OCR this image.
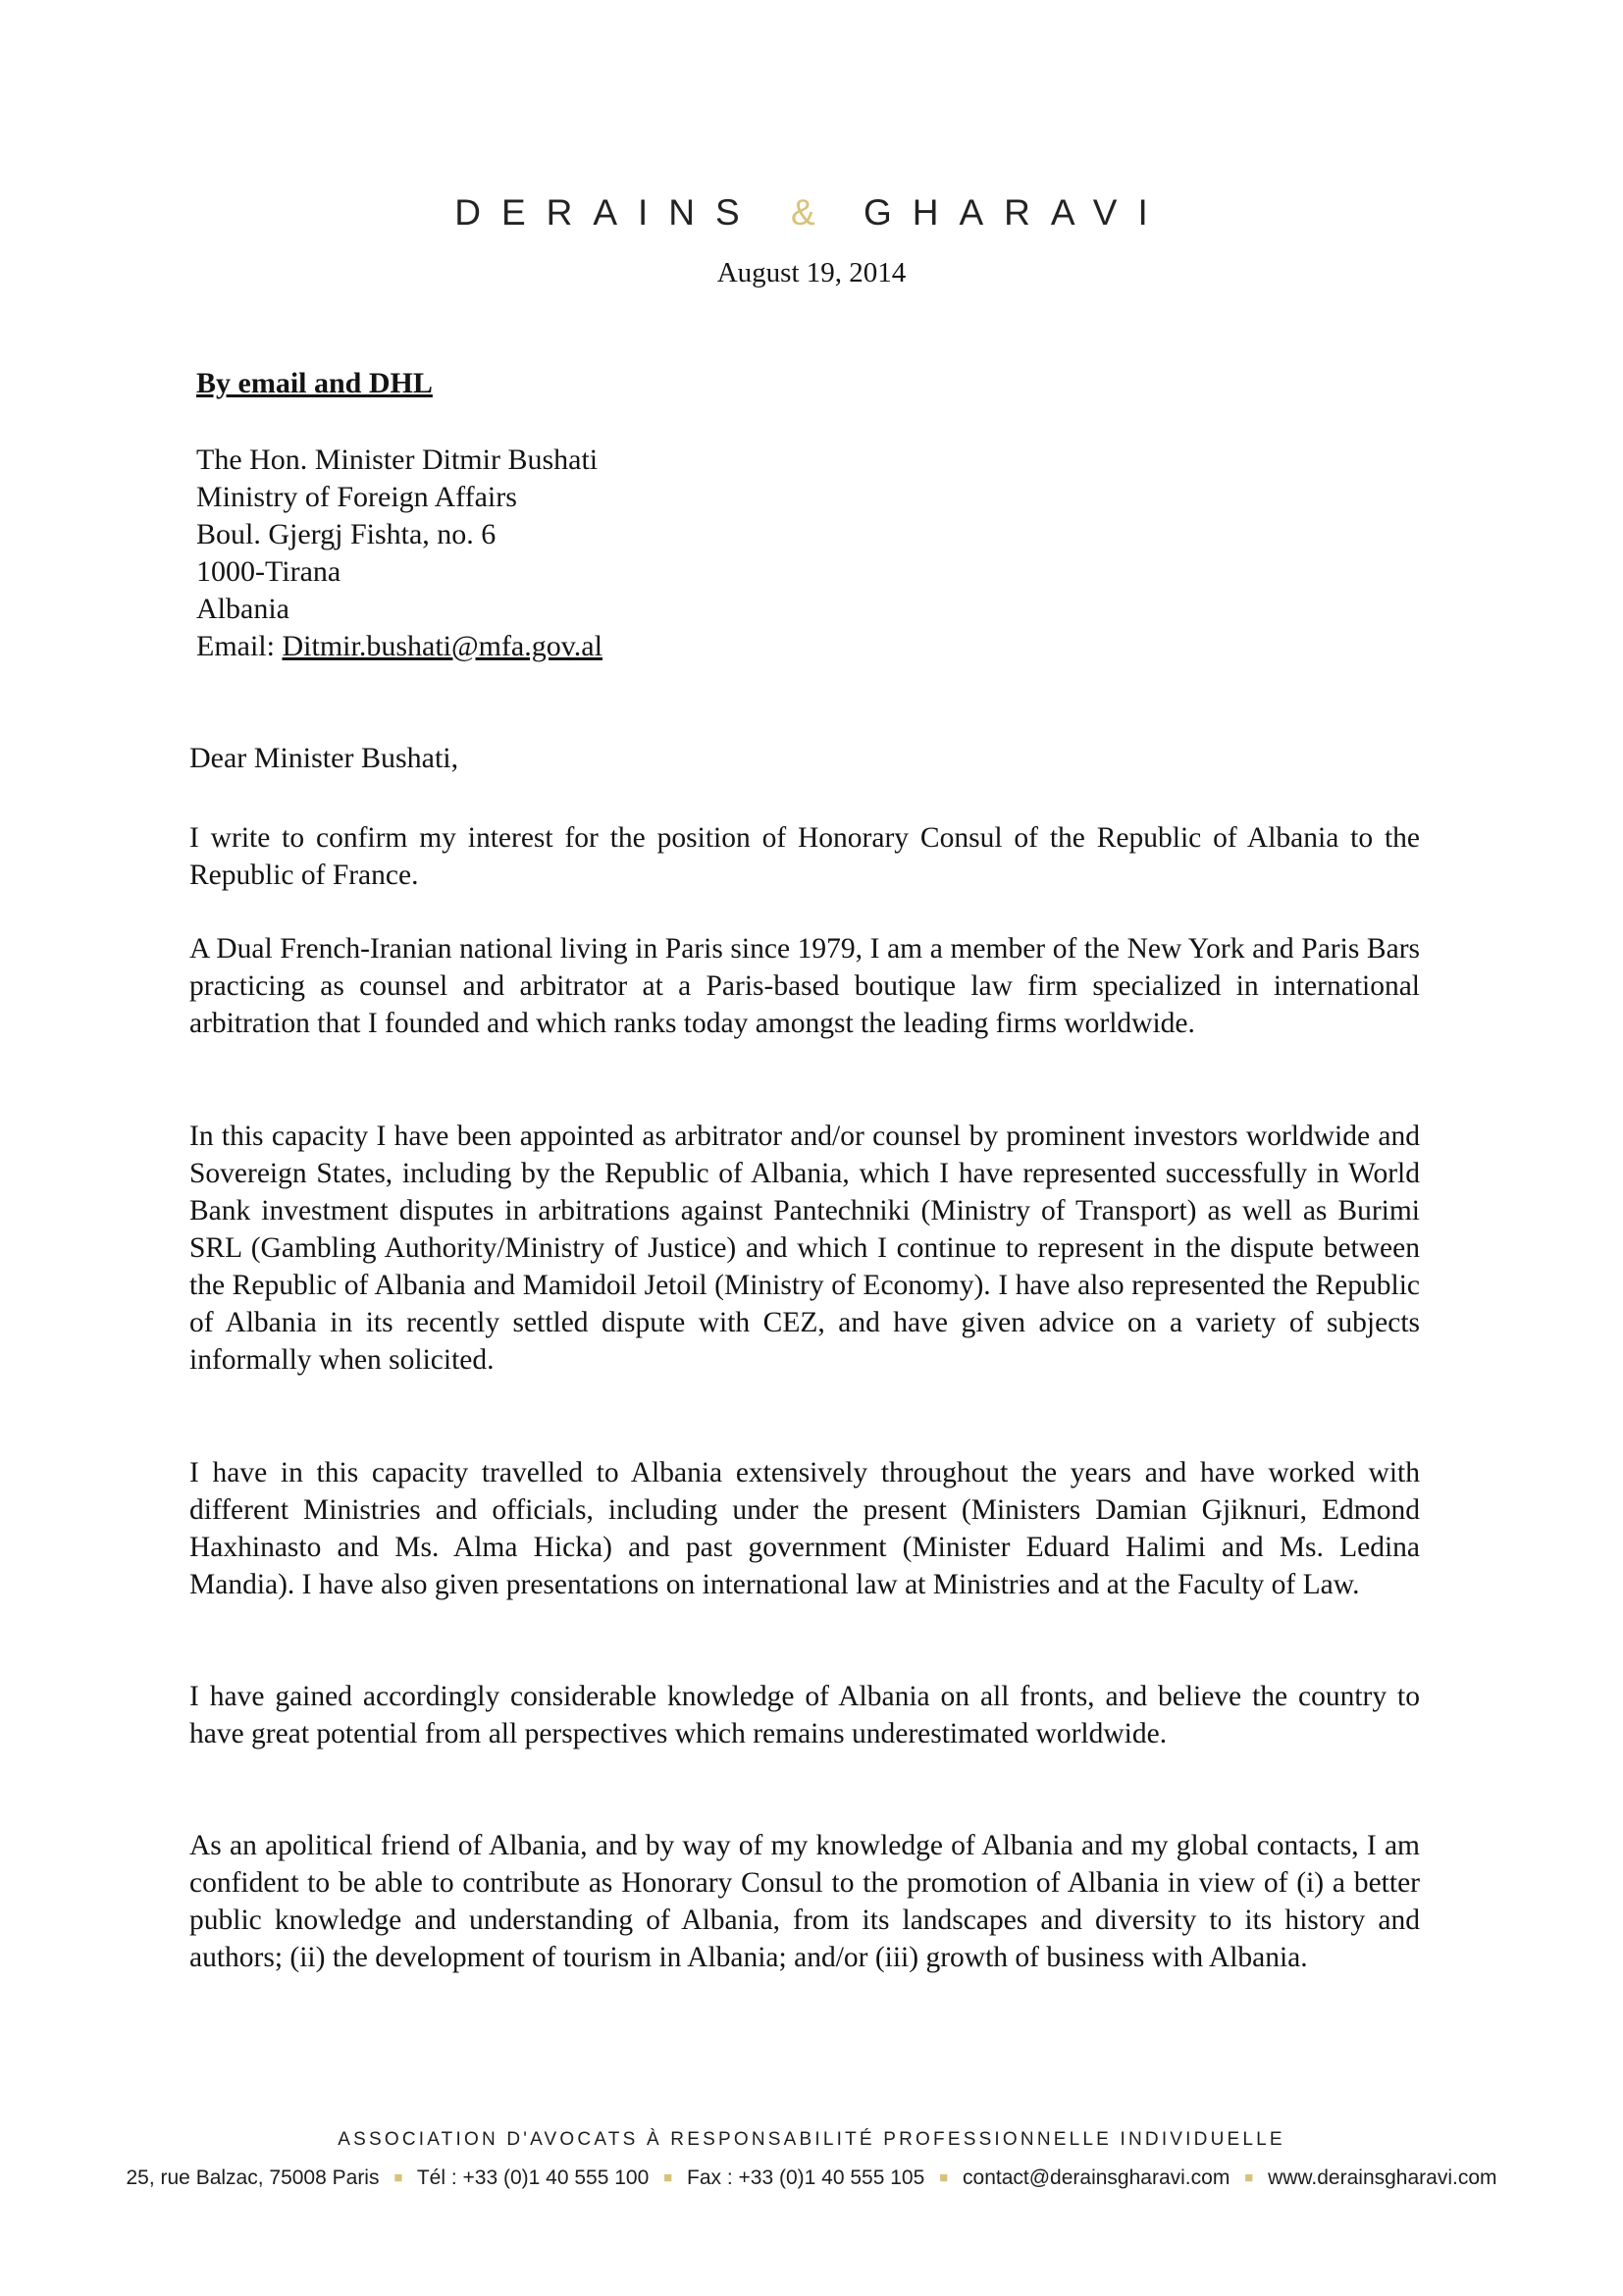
DERAINS & GHARAVI
August 19, 2014
By email and DHL
The Hon. Minister Ditmir Bushati
Ministry of Foreign Affairs
Boul. Gjergj Fishta, no. 6
1000-Tirana
Albania
Email: Ditmir.bushati@mfa.gov.al
Dear Minister Bushati,
I write to confirm my interest for the position of Honorary Consul of the Republic of Albania to the Republic of France.
A Dual French-Iranian national living in Paris since 1979, I am a member of the New York and Paris Bars practicing as counsel and arbitrator at a Paris-based boutique law firm specialized in international arbitration that I founded and which ranks today amongst the leading firms worldwide.
In this capacity I have been appointed as arbitrator and/or counsel by prominent investors worldwide and Sovereign States, including by the Republic of Albania, which I have represented successfully in World Bank investment disputes in arbitrations against Pantechniki (Ministry of Transport) as well as Burimi SRL (Gambling Authority/Ministry of Justice) and which I continue to represent in the dispute between the Republic of Albania and Mamidoil Jetoil (Ministry of Economy). I have also represented the Republic of Albania in its recently settled dispute with CEZ, and have given advice on a variety of subjects informally when solicited.
I have in this capacity travelled to Albania extensively throughout the years and have worked with different Ministries and officials, including under the present (Ministers Damian Gjiknuri, Edmond Haxhinasto and Ms. Alma Hicka) and past government (Minister Eduard Halimi and Ms. Ledina Mandia). I have also given presentations on international law at Ministries and at the Faculty of Law.
I have gained accordingly considerable knowledge of Albania on all fronts, and believe the country to have great potential from all perspectives which remains underestimated worldwide.
As an apolitical friend of Albania, and by way of my knowledge of Albania and my global contacts, I am confident to be able to contribute as Honorary Consul to the promotion of Albania in view of (i) a better public knowledge and understanding of Albania, from its landscapes and diversity to its history and authors; (ii) the development of tourism in Albania; and/or (iii) growth of business with Albania.
ASSOCIATION D'AVOCATS À RESPONSABILITÉ PROFESSIONNELLE INDIVIDUELLE
25, rue Balzac, 75008 Paris ■ Tél : +33 (0)1 40 555 100 ■ Fax : +33 (0)1 40 555 105 ■ contact@derainsgharavi.com ■ www.derainsgharavi.com
